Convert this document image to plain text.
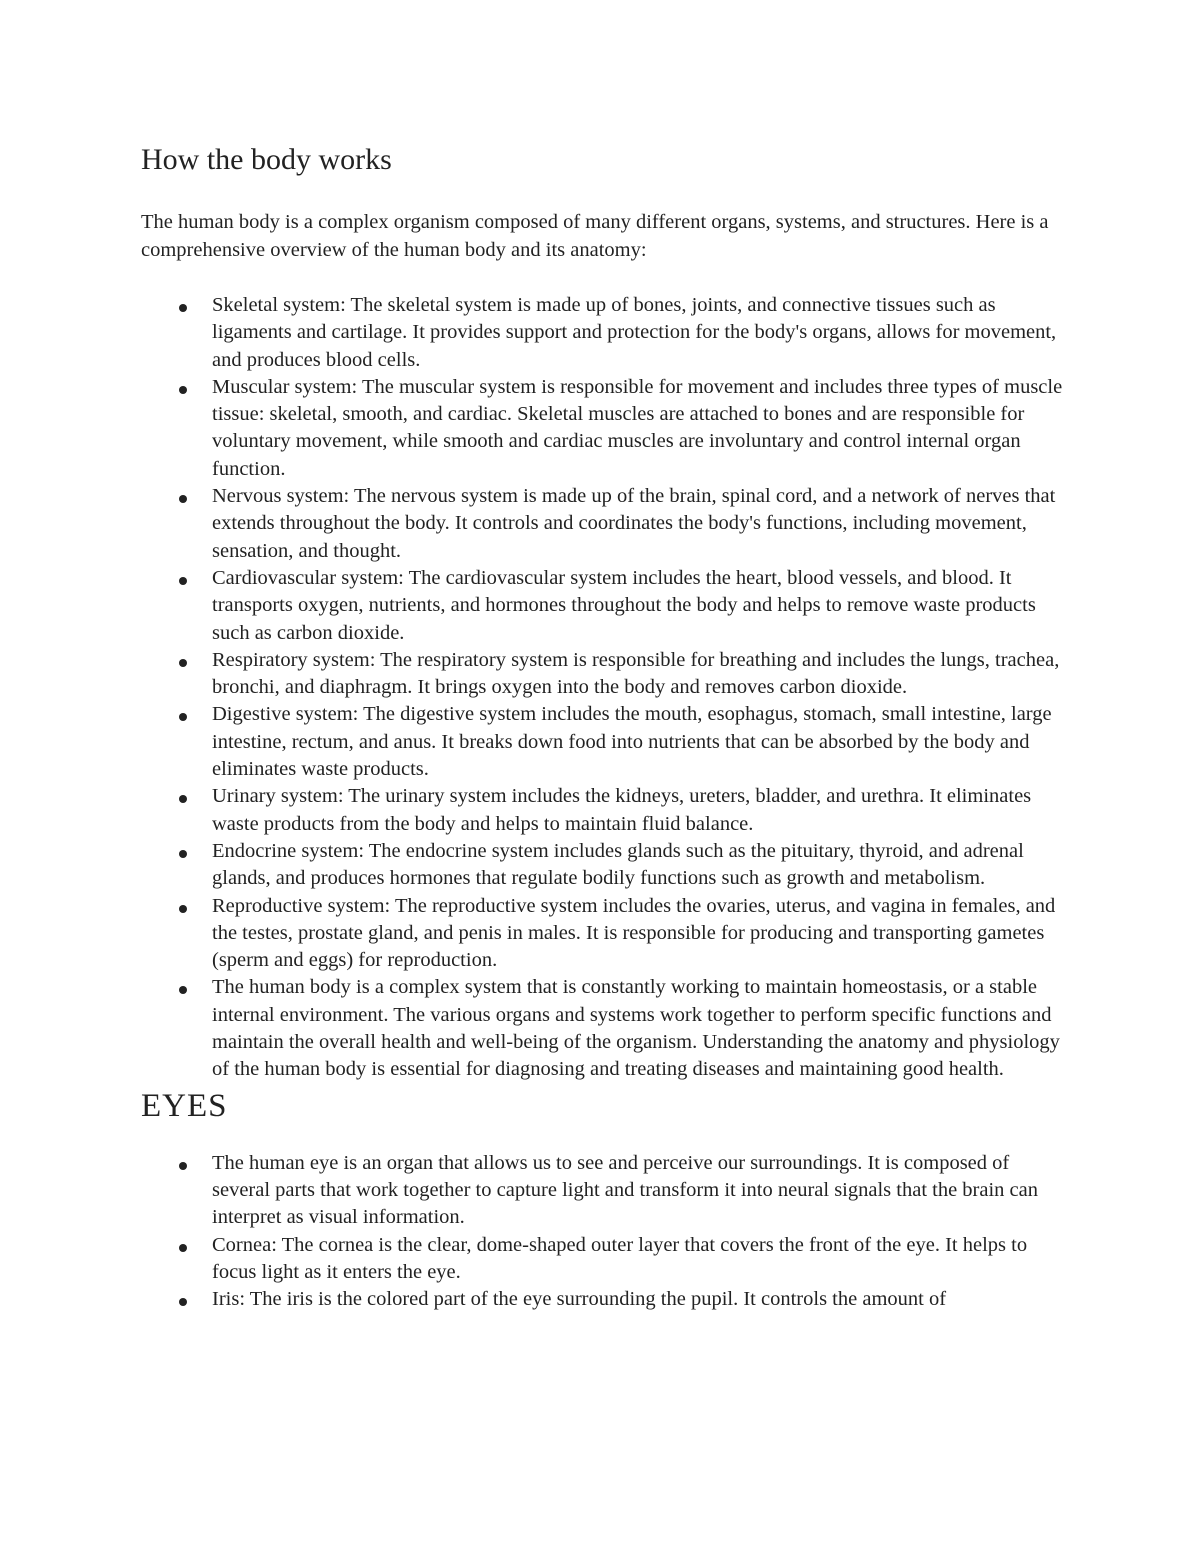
How the body works

The human body is a complex organism composed of many different organs, systems, and structures. Here is a comprehensive overview of the human body and its anatomy:

Skeletal system: The skeletal system is made up of bones, joints, and connective tissues such as ligaments and cartilage. It provides support and protection for the body's organs, allows for movement, and produces blood cells.
Muscular system: The muscular system is responsible for movement and includes three types of muscle tissue: skeletal, smooth, and cardiac. Skeletal muscles are attached to bones and are responsible for voluntary movement, while smooth and cardiac muscles are involuntary and control internal organ function.
Nervous system: The nervous system is made up of the brain, spinal cord, and a network of nerves that extends throughout the body. It controls and coordinates the body's functions, including movement, sensation, and thought.
Cardiovascular system: The cardiovascular system includes the heart, blood vessels, and blood. It transports oxygen, nutrients, and hormones throughout the body and helps to remove waste products such as carbon dioxide.
Respiratory system: The respiratory system is responsible for breathing and includes the lungs, trachea, bronchi, and diaphragm. It brings oxygen into the body and removes carbon dioxide.
Digestive system: The digestive system includes the mouth, esophagus, stomach, small intestine, large intestine, rectum, and anus. It breaks down food into nutrients that can be absorbed by the body and eliminates waste products.
Urinary system: The urinary system includes the kidneys, ureters, bladder, and urethra. It eliminates waste products from the body and helps to maintain fluid balance.
Endocrine system: The endocrine system includes glands such as the pituitary, thyroid, and adrenal glands, and produces hormones that regulate bodily functions such as growth and metabolism.
Reproductive system: The reproductive system includes the ovaries, uterus, and vagina in females, and the testes, prostate gland, and penis in males. It is responsible for producing and transporting gametes (sperm and eggs) for reproduction.
The human body is a complex system that is constantly working to maintain homeostasis, or a stable internal environment. The various organs and systems work together to perform specific functions and maintain the overall health and well-being of the organism. Understanding the anatomy and physiology of the human body is essential for diagnosing and treating diseases and maintaining good health.
EYES
The human eye is an organ that allows us to see and perceive our surroundings. It is composed of several parts that work together to capture light and transform it into neural signals that the brain can interpret as visual information.
Cornea: The cornea is the clear, dome-shaped outer layer that covers the front of the eye. It helps to focus light as it enters the eye.
Iris: The iris is the colored part of the eye surrounding the pupil. It controls the amount of
